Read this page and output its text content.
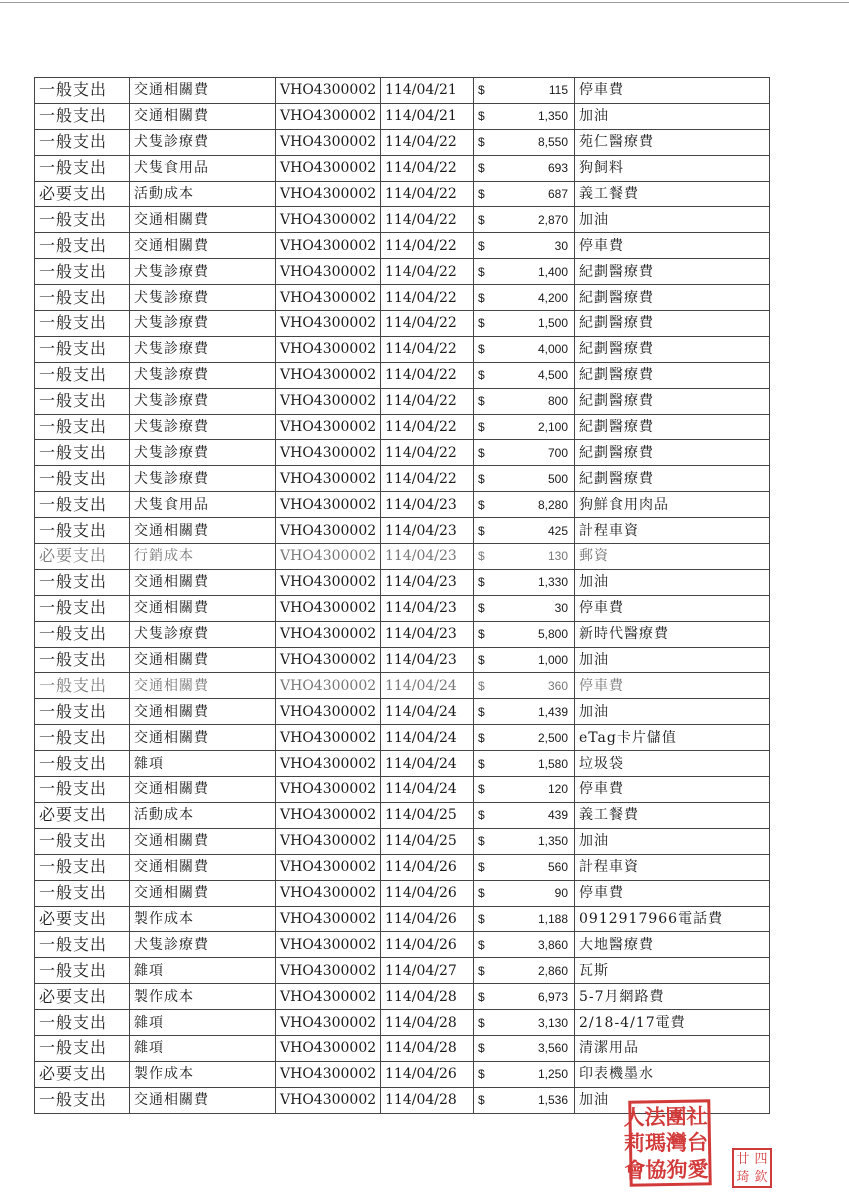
一般支出	交通相關費	VHO4300002	114/04/21	$ 115	停車費
一般支出	交通相關費	VHO4300002	114/04/21	$ 1,350	加油
一般支出	犬隻診療費	VHO4300002	114/04/22	$ 8,550	苑仁醫療費
一般支出	犬隻食用品	VHO4300002	114/04/22	$ 693	狗飼料
必要支出	活動成本	VHO4300002	114/04/22	$ 687	義工餐費
一般支出	交通相關費	VHO4300002	114/04/22	$ 2,870	加油
一般支出	交通相關費	VHO4300002	114/04/22	$ 30	停車費
一般支出	犬隻診療費	VHO4300002	114/04/22	$ 1,400	紀劃醫療費
一般支出	犬隻診療費	VHO4300002	114/04/22	$ 4,200	紀劃醫療費
一般支出	犬隻診療費	VHO4300002	114/04/22	$ 1,500	紀劃醫療費
一般支出	犬隻診療費	VHO4300002	114/04/22	$ 4,000	紀劃醫療費
一般支出	犬隻診療費	VHO4300002	114/04/22	$ 4,500	紀劃醫療費
一般支出	犬隻診療費	VHO4300002	114/04/22	$ 800	紀劃醫療費
一般支出	犬隻診療費	VHO4300002	114/04/22	$ 2,100	紀劃醫療費
一般支出	犬隻診療費	VHO4300002	114/04/22	$ 700	紀劃醫療費
一般支出	犬隻診療費	VHO4300002	114/04/22	$ 500	紀劃醫療費
一般支出	犬隻食用品	VHO4300002	114/04/23	$ 8,280	狗鮮食用肉品
一般支出	交通相關費	VHO4300002	114/04/23	$ 425	計程車資
必要支出	行銷成本	VHO4300002	114/04/23	$ 130	郵資
一般支出	交通相關費	VHO4300002	114/04/23	$ 1,330	加油
一般支出	交通相關費	VHO4300002	114/04/23	$ 30	停車費
一般支出	犬隻診療費	VHO4300002	114/04/23	$ 5,800	新時代醫療費
一般支出	交通相關費	VHO4300002	114/04/23	$ 1,000	加油
一般支出	交通相關費	VHO4300002	114/04/24	$ 360	停車費
一般支出	交通相關費	VHO4300002	114/04/24	$ 1,439	加油
一般支出	交通相關費	VHO4300002	114/04/24	$ 2,500	eTag卡片儲值
一般支出	雜項	VHO4300002	114/04/24	$ 1,580	垃圾袋
一般支出	交通相關費	VHO4300002	114/04/24	$ 120	停車費
必要支出	活動成本	VHO4300002	114/04/25	$ 439	義工餐費
一般支出	交通相關費	VHO4300002	114/04/25	$ 1,350	加油
一般支出	交通相關費	VHO4300002	114/04/26	$ 560	計程車資
一般支出	交通相關費	VHO4300002	114/04/26	$ 90	停車費
必要支出	製作成本	VHO4300002	114/04/26	$ 1,188	0912917966電話費
一般支出	犬隻診療費	VHO4300002	114/04/26	$ 3,860	大地醫療費
一般支出	雜項	VHO4300002	114/04/27	$ 2,860	瓦斯
必要支出	製作成本	VHO4300002	114/04/28	$ 6,973	5-7月網路費
一般支出	雜項	VHO4300002	114/04/28	$ 3,130	2/18-4/17電費
一般支出	雜項	VHO4300002	114/04/28	$ 3,560	清潔用品
必要支出	製作成本	VHO4300002	114/04/26	$ 1,250	印表機墨水
一般支出	交通相關費	VHO4300002	114/04/28	$ 1,536	加油
社
台
愛
團
灣
狗
法
瑪
協
人
莉
會	廿 四
琦 欽
